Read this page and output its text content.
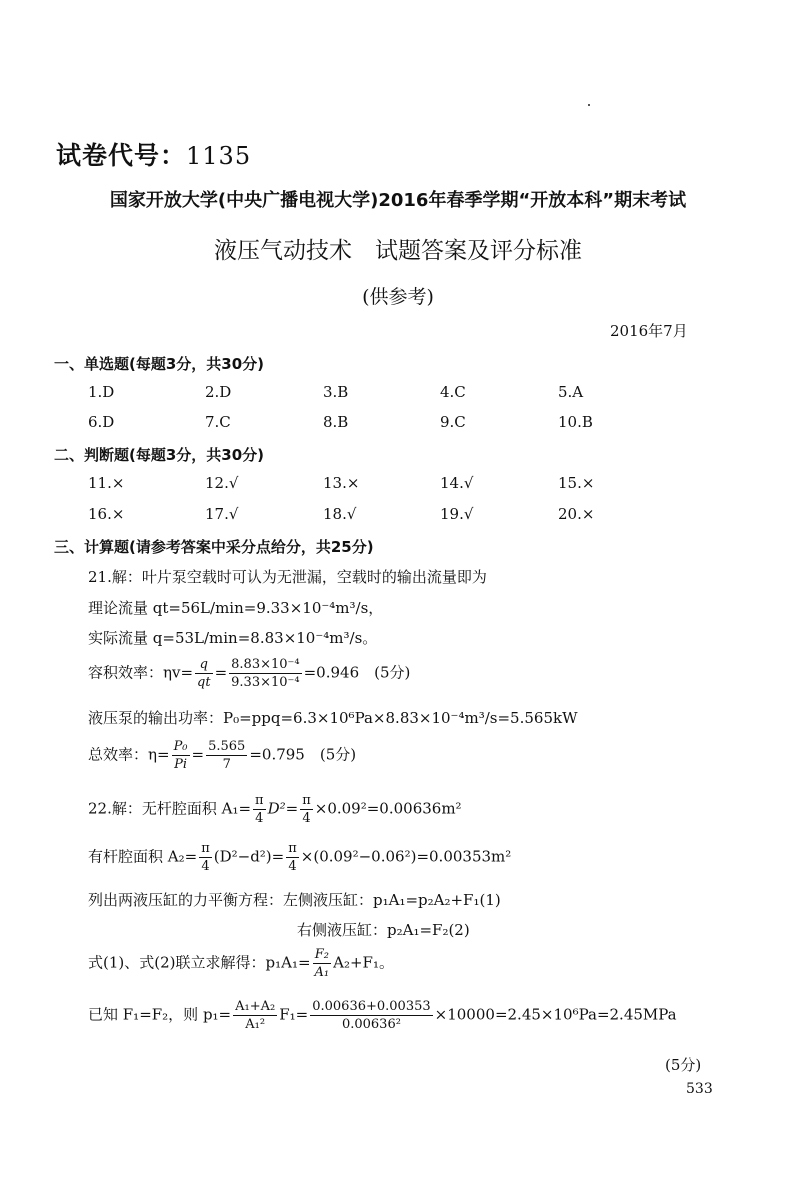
试卷代号：1135
国家开放大学(中央广播电视大学)2016年春季学期“开放本科”期末考试
液压气动技术　试题答案及评分标准
(供参考)
2016年7月
一、单选题(每题3分，共30分)
1.D	2.D	3.B	4.C	5.A
6.D	7.C	8.B	9.C	10.B
二、判断题(每题3分，共30分)
11.×	12.√	13.×	14.√	15.×
16.×	17.√	18.√	19.√	20.×
三、计算题(请参考答案中采分点给分，共25分)
21.解：叶片泵空载时可认为无泄漏，空载时的输出流量即为
理论流量 qt=56L/min=9.33×10⁻⁴m³/s，
实际流量 q=53L/min=8.83×10⁻⁴m³/s。
容积效率：$\eta v= \frac{q}{qt} = \frac{\text{8.83×10⁻⁴}}{\text{9.33×10⁻⁴}} =0.946$　(5分)
液压泵的输出功率：P₀=ppq=6.3×10⁶Pa×8.83×10⁻⁴m³/s=5.565kW
总效率：$\eta= \frac{\text{P₀}}{Pi} = \frac{5.565}{7} =0.795$　(5分)
22.解：无杆腔面积 $A_1= \frac{\pi}{4} D^2= \frac{\pi}{4} \times 0.09^2=0.00636m^2$
有杆腔面积 $A_2= \frac{\pi}{4} (D^2-d^2)= \frac{\pi}{4} \times(0.09^2-0.06^2)=0.00353m^2$
列出两液压缸的力平衡方程：左侧液压缸：p₁A₁=p₂A₂+F₁(1)
右侧液压缸：p₂A₁=F₂(2)
式(1)、式(2)联立求解得：$p_1A_1= \frac{\text{F₂}}{\text{A₁}} A_2+F_1$。
已知 F₁=F₂，则 $p_1= \frac{\text{A₁+A₂}}{\text{A₁²}} F_1= \frac{0.00636+0.00353}{\text{0.00636²}} \times 10000=2.45\times 10^6Pa=2.45MPa$
(5分)
533
